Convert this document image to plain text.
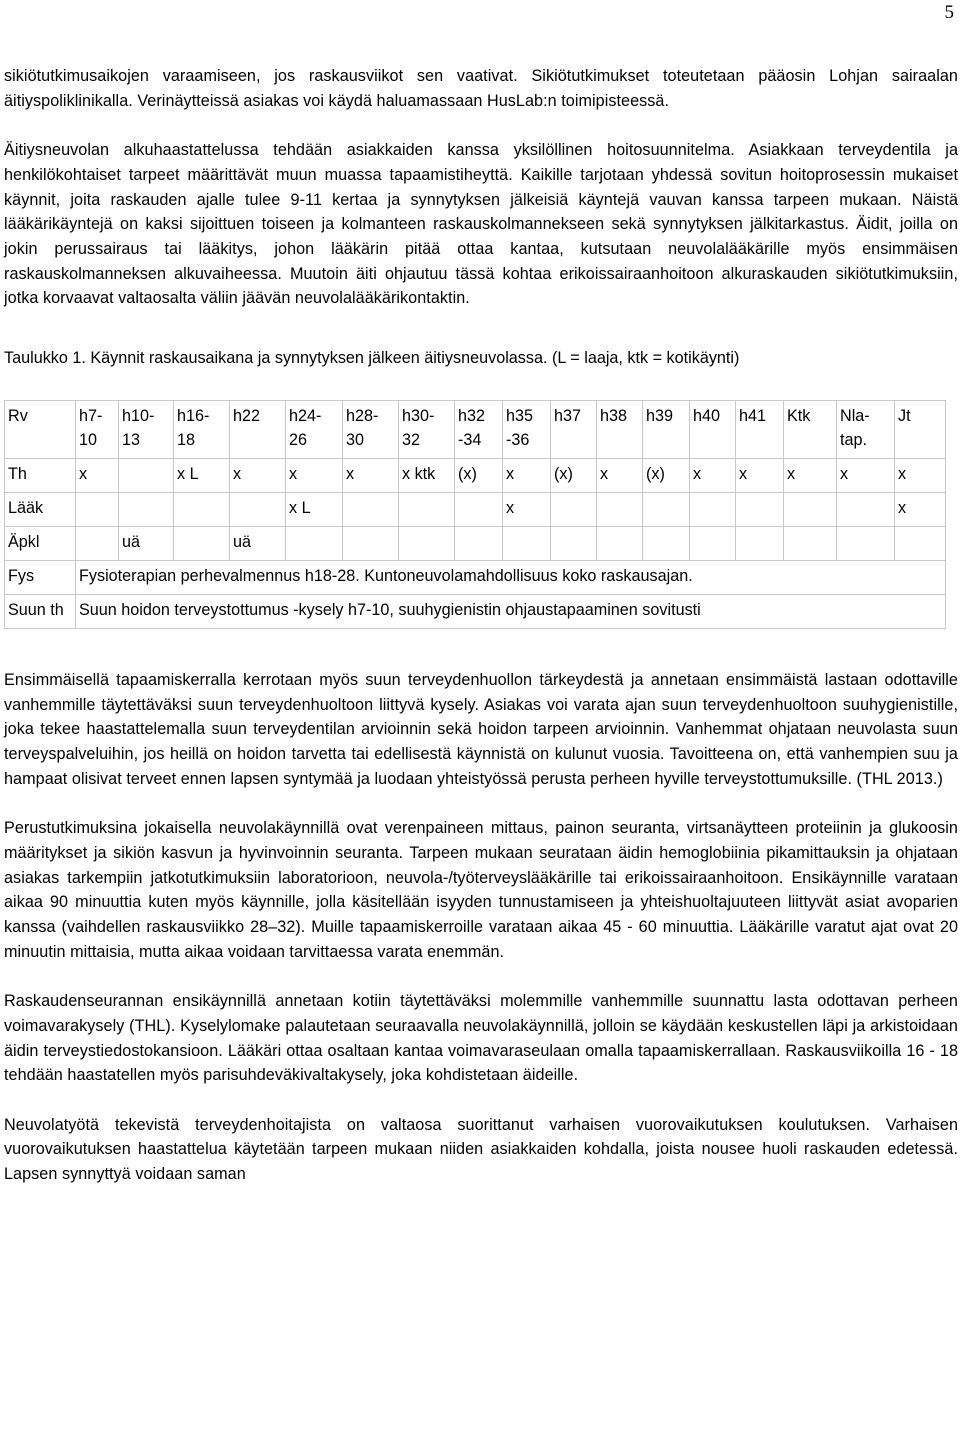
5

sikiötutkimusaikojen varaamiseen, jos raskausviikot sen vaativat. Sikiötutkimukset toteutetaan pääosin Lohjan sairaalan äitiyspoliklinikalla. Verinäytteissä asiakas voi käydä haluamassaan HusLab:n toimipisteessä.

Äitiysneuvolan alkuhaastattelussa tehdään asiakkaiden kanssa yksilöllinen hoitosuunnitelma. Asiakkaan terveydentila ja henkilökohtaiset tarpeet määrittävät muun muassa tapaamistiheyttä. Kaikille tarjotaan yhdessä sovitun hoitoprosessin mukaiset käynnit, joita raskauden ajalle tulee 9-11 kertaa ja synnytyksen jälkeisiä käyntejä vauvan kanssa tarpeen mukaan. Näistä lääkärikäyntejä on kaksi sijoittuen toiseen ja kolmanteen raskauskolmannekseen sekä synnytyksen jälkitarkastus. Äidit, joilla on jokin perussairaus tai lääkitys, johon lääkärin pitää ottaa kantaa, kutsutaan neuvolalääkärille myös ensimmäisen raskauskolmanneksen alkuvaiheessa. Muutoin äiti ohjautuu tässä kohtaa erikoissairaanhoitoon alkuraskauden sikiötutkimuksiin, jotka korvaavat valtaosalta väliin jäävän neuvolalääkärikontaktin.

Taulukko 1. Käynnit raskausaikana ja synnytyksen jälkeen äitiysneuvolassa. (L = laaja, ktk = kotikäynti)
Rv	h7-10	h10-13	h16-18	h22	h24-26	h28-30	h30-32	h32 -34	h35 -36	h37	h38	h39	h40	h41	Ktk	Nla-tap.	Jt
Th	x		x L	x	x	x	x ktk	(x)	x	(x)	x	(x)	x	x	x	x	x
Lääk					x L				x								x
Äpkl		uä		uä													
Fys	Fysioterapian perhevalmennus h18-28. Kuntoneuvolamahdollisuus koko raskausajan.																
Suun th	Suun hoidon terveystottumus -kysely h7-10, suuhygienistin ohjaustapaaminen sovitusti																

Ensimmäisellä tapaamiskerralla kerrotaan myös suun terveydenhuollon tärkeydestä ja annetaan ensimmäistä lastaan odottaville vanhemmille täytettäväksi suun terveydenhuoltoon liittyvä kysely. Asiakas voi varata ajan suun terveydenhuoltoon suuhygienistille, joka tekee haastattelemalla suun terveydentilan arvioinnin sekä hoidon tarpeen arvioinnin. Vanhemmat ohjataan neuvolasta suun terveyspalveluihin, jos heillä on hoidon tarvetta tai edellisestä käynnistä on kulunut vuosia. Tavoitteena on, että vanhempien suu ja hampaat olisivat terveet ennen lapsen syntymää ja luodaan yhteistyössä perusta perheen hyville terveystottumuksille. (THL 2013.)

Perustutkimuksina jokaisella neuvolakäynnillä ovat verenpaineen mittaus, painon seuranta, virtsanäytteen proteiinin ja glukoosin määritykset ja sikiön kasvun ja hyvinvoinnin seuranta. Tarpeen mukaan seurataan äidin hemoglobiinia pikamittauksin ja ohjataan asiakas tarkempiin jatkotutkimuksiin laboratorioon, neuvola-/työterveyslääkärille tai erikoissairaanhoitoon. Ensikäynnille varataan aikaa 90 minuuttia kuten myös käynnille, jolla käsitellään isyyden tunnustamiseen ja yhteishuoltajuuteen liittyvät asiat avoparien kanssa (vaihdellen raskausviikko 28–32). Muille tapaamiskerroille varataan aikaa 45 - 60 minuuttia. Lääkärille varatut ajat ovat 20 minuutin mittaisia, mutta aikaa voidaan tarvittaessa varata enemmän.

Raskaudenseurannan ensikäynnillä annetaan kotiin täytettäväksi molemmille vanhemmille suunnattu lasta odottavan perheen voimavarakysely (THL). Kyselylomake palautetaan seuraavalla neuvolakäynnillä, jolloin se käydään keskustellen läpi ja arkistoidaan äidin terveystiedostokansioon. Lääkäri ottaa osaltaan kantaa voimavaraseulaan omalla tapaamiskerrallaan. Raskausviikoilla 16 - 18 tehdään haastatellen myös parisuhdeväkivaltakysely, joka kohdistetaan äideille.

Neuvolatyötä tekevistä terveydenhoitajista on valtaosa suorittanut varhaisen vuorovaikutuksen koulutuksen. Varhaisen vuorovaikutuksen haastattelua käytetään tarpeen mukaan niiden asiakkaiden kohdalla, joista nousee huoli raskauden edetessä. Lapsen synnyttyä voidaan saman
